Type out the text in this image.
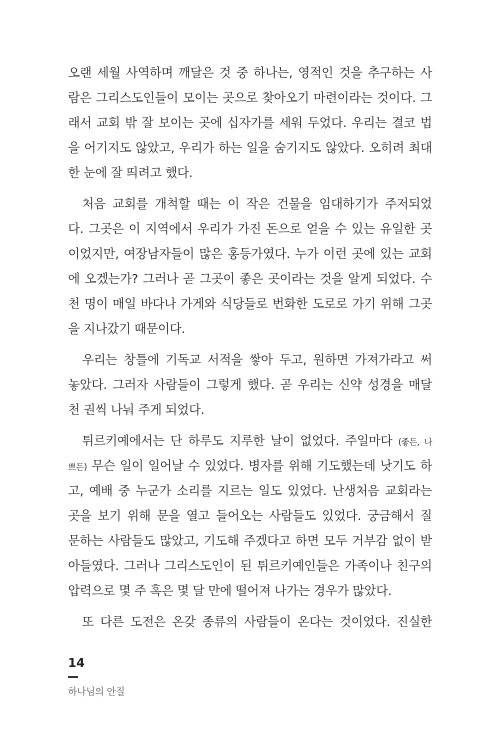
오랜 세월 사역하며 깨달은 것 중 하나는, 영적인 것을 추구하는 사
람은 그리스도인들이 모이는 곳으로 찾아오기 마련이라는 것이다. 그
래서 교회 밖 잘 보이는 곳에 십자가를 세워 두었다. 우리는 결코 법
을 어기지도 않았고, 우리가 하는 일을 숨기지도 않았다. 오히려 최대
한 눈에 잘 띄려고 했다.
처음 교회를 개척할 때는 이 작은 건물을 임대하기가 주저되었
다. 그곳은 이 지역에서 우리가 가진 돈으로 얻을 수 있는 유일한 곳
이었지만, 여장남자들이 많은 홍등가였다. 누가 이런 곳에 있는 교회
에 오겠는가? 그러나 곧 그곳이 좋은 곳이라는 것을 알게 되었다. 수
천 명이 매일 바다나 가게와 식당들로 번화한 도로로 가기 위해 그곳
을 지나갔기 때문이다.
우리는 창틀에 기독교 서적을 쌓아 두고, 원하면 가져가라고 써
놓았다. 그러자 사람들이 그렇게 했다. 곧 우리는 신약 성경을 매달
천 권씩 나눠 주게 되었다.
튀르키예에서는 단 하루도 지루한 날이 없었다. 주일마다 (좋든, 나
쁘든) 무슨 일이 일어날 수 있었다. 병자를 위해 기도했는데 낫기도 하
고, 예배 중 누군가 소리를 지르는 일도 있었다. 난생처음 교회라는
곳을 보기 위해 문을 열고 들어오는 사람들도 있었다. 궁금해서 질
문하는 사람들도 많았고, 기도해 주겠다고 하면 모두 거부감 없이 받
아들였다. 그러나 그리스도인이 된 튀르키예인들은 가족이나 친구의
압력으로 몇 주 혹은 몇 달 만에 떨어져 나가는 경우가 많았다.
또 다른 도전은 온갖 종류의 사람들이 온다는 것이었다. 진실한
14
하나님의 안질
